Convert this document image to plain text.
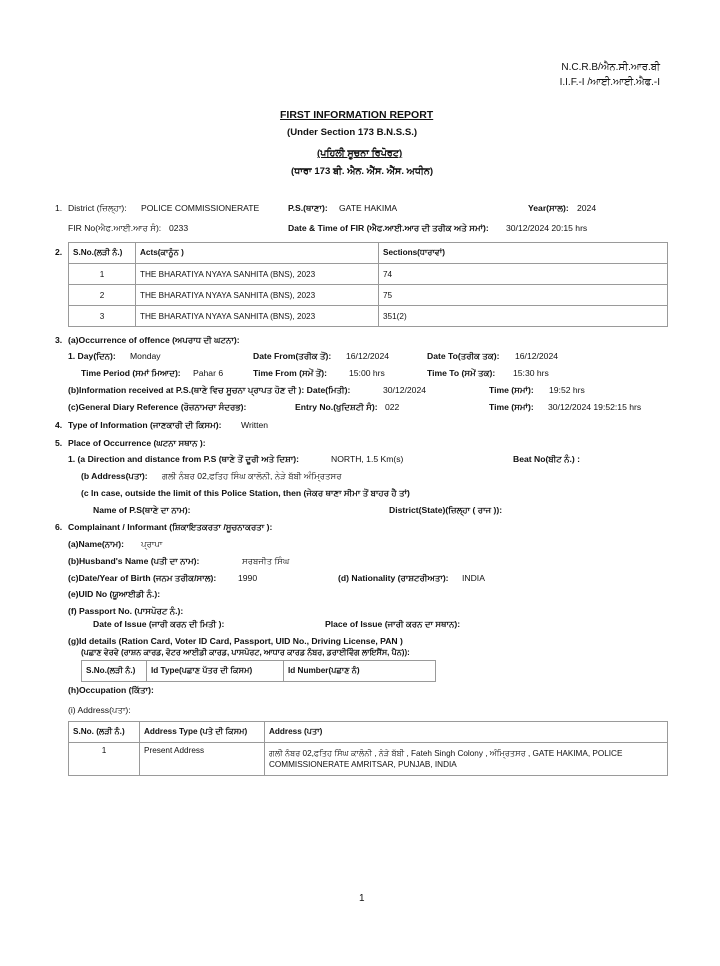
N.C.R.B/ਐਨ.ਸੀ.ਆਰ.ਬੀ
I.I.F.-I /ਆਈ.ਆਈ.ਐਫ.-I
FIRST INFORMATION REPORT
(Under Section 173 B.N.S.S.)
(ਪਹਿਲੀ ਸੂਚਨਾ ਰਿਪੋਰਟ)
(ਧਾਰਾ 173 ਬੀ. ਐਨ. ਐੱਸ. ਐੱਸ. ਅਧੀਨ)
1. District (ਜ਼ਿਲ੍ਹਾ): POLICE COMMISSIONERATE	P.S.(ਥਾਣਾ): GATE HAKIMA	Year(ਸਾਲ): 2024
FIR No(ਐਫ.ਆਈ.ਆਰ ਸੰ): 0233	Date & Time of FIR (ਐਫ.ਆਈ.ਆਰ ਦੀ ਤਰੀਕ ਅਤੇ ਸਮਾਂ): 30/12/2024 20:15 hrs
2. S.No.(ਲੜੀ ਨੰ.)	Acts(ਕਾਨੂੰਨ )	Sections(ਧਾਰਾਵਾਂ)
1	THE BHARATIYA NYAYA SANHITA (BNS), 2023	74
2	THE BHARATIYA NYAYA SANHITA (BNS), 2023	75
3	THE BHARATIYA NYAYA SANHITA (BNS), 2023	351(2)
3. (a)Occurrence of offence (ਅਪਰਾਧ ਦੀ ਘਟਨਾ):
1. Day(ਦਿਨ): Monday	Date From(ਤਰੀਕ ਤੋਂ): 16/12/2024	Date To(ਤਰੀਕ ਤਕ): 16/12/2024
Time Period (ਸਮਾਂ ਮਿਆਦ): Pahar 6	Time From (ਸਮੇਂ ਤੋਂ):	15:00 hrs	Time To (ਸਮੇਂ ਤਕ): 15:30 hrs
(b)Information received at P.S.(ਥਾਣੇ ਵਿਚ ਸੂਚਨਾ ਪ੍ਰਾਪਤ ਹੋਣ ਦੀ ): Date(ਮਿਤੀ):	30/12/2024	Time (ਸਮਾਂ): 19:52 hrs
(c)General Diary Reference (ਰੋਜ਼ਨਾਮਚਾ ਸੰਦਰਭ):	Entry No.(ਖੁਦਿਸ਼ਟੀ ਸੰ): 022	Time (ਸਮਾਂ): 30/12/2024 19:52:15 hrs
4. Type of Information (ਜਾਣਕਾਰੀ ਦੀ ਕਿਸਮ): Written
5. Place of Occurrence (ਘਟਨਾ ਸਥਾਨ ):
1. (a Direction and distance from P.S (ਥਾਣੇ ਤੋਂ ਦੂਰੀ ਅਤੇ ਦਿਸ਼ਾ):	NORTH, 1.5 Km(s)	Beat No(ਬੀਟ ਨੰ.) :
(b Address(ਪਤਾ): ਗਲੀ ਨੰਬਰ 02,ਫਤਿਹ ਸਿੰਘ ਕਾਲੋਨੀ, ਨੇੜੇ ਬੱਬੀ ਅੰਮ੍ਰਿਤਸਰ
(c In case, outside the limit of this Police Station, then (ਜੇਕਰ ਥਾਣਾ ਸੀਮਾ ਤੋਂ ਬਾਹਰ ਹੈ ਤਾਂ)
Name of P.S(ਥਾਣੇ ਦਾ ਨਾਮ):	District(State)(ਜ਼ਿਲ੍ਹਾ ( ਰਾਜ )):
6. Complainant / Informant (ਸ਼ਿਕਾਇਤਕਰਤਾ /ਸੂਚਨਾਕਰਤਾ ):
(a)Name(ਨਾਮ): ਪ੍ਰਾਪਾ
(b)Husband's Name (ਪਤੀ ਦਾ ਨਾਮ):	ਸਰਬਜੀਤ ਸਿੰਘ
(c)Date/Year of Birth (ਜਨਮ ਤਰੀਕ/ਸਾਲ):	1990	(d) Nationality (ਰਾਸ਼ਟਰੀਅਤਾ): INDIA
(e)UID No (ਯੂਆਈਡੀ ਨੰ.):
(f) Passport No. (ਪਾਸਪੋਰਟ ਨੰ.):
Date of Issue (ਜਾਰੀ ਕਰਨ ਦੀ ਮਿਤੀ ):	Place of Issue (ਜਾਰੀ ਕਰਨ ਦਾ ਸਥਾਨ):
(g)Id details (Ration Card, Voter ID Card, Passport, UID No., Driving License, PAN )
(ਪਛਾਣ ਵੇਰਵੇ (ਰਾਸ਼ਨ ਕਾਰਡ, ਵੋਟਰ ਆਈਡੀ ਕਾਰਡ, ਪਾਸਪੋਰਟ, ਆਧਾਰ ਕਾਰਡ ਨੰਬਰ, ਡਰਾਈਵਿੰਗ ਲਾਇਸੈਂਸ, ਪੈਨ)):
S.No.(ਲੜੀ ਨੰ.)	Id Type(ਪਛਾਣ ਪੱਤਰ ਦੀ ਕਿਸਮ)	Id Number(ਪਛਾਣ ਨੰ)
(h)Occupation (ਕਿੱਤਾ):
(i) Address(ਪਤਾ):
S.No. (ਲੜੀ ਨੰ.)	Address Type (ਪਤੇ ਦੀ ਕਿਸਮ)	Address (ਪਤਾ)
1	Present Address	ਗਲੀ ਨੰਬਰ 02,ਫਤਿਹ ਸਿੰਘ ਕਾਲੋਨੀ , ਨੇੜੇ ਬੱਬੀ , Fateh Singh Colony , ਅੰਮ੍ਰਿਤਸਰ , GATE HAKIMA, POLICE
COMMISSIONERATE AMRITSAR, PUNJAB, INDIA
1
